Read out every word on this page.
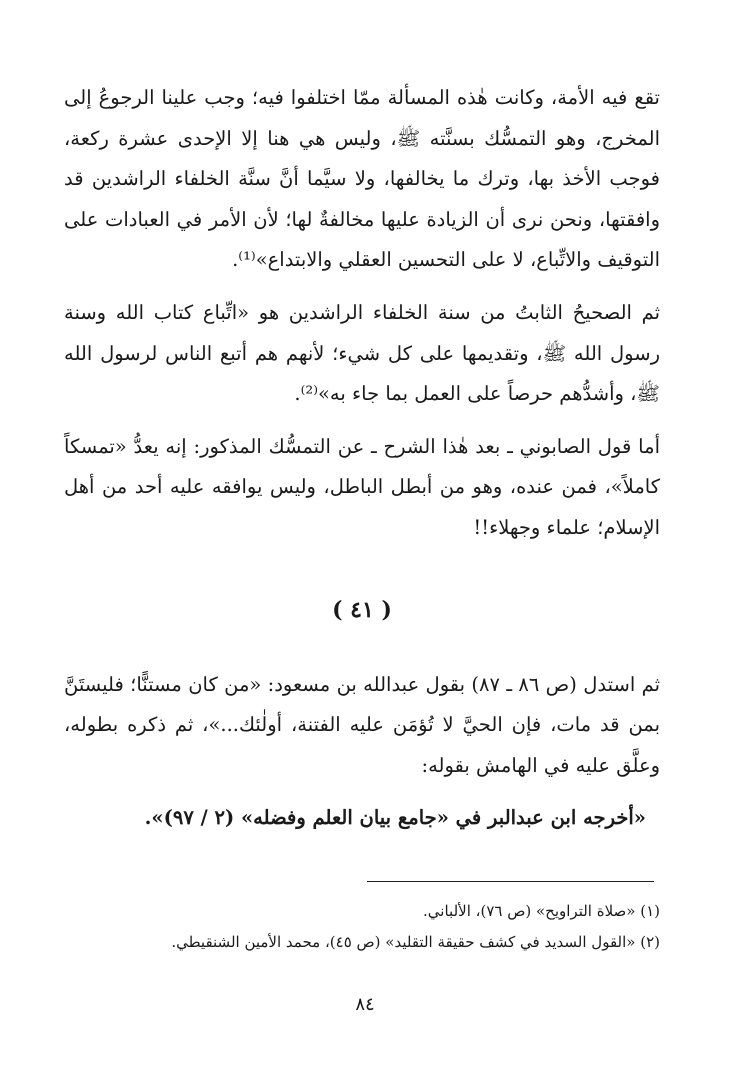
تقع فيه الأمة، وكانت هٰذه المسألة ممّا اختلفوا فيه؛ وجب علينا الرجوعُ إلى المخرج، وهو التمسُّك بسنَّته ﷺ، وليس هي هنا إلا الإحدى عشرة ركعة، فوجب الأخذ بها، وترك ما يخالفها، ولا سيَّما أنَّ سنَّة الخلفاء الراشدين قد وافقتها، ونحن نرى أن الزيادة عليها مخالفةٌ لها؛ لأن الأمر في العبادات على التوقيف والاتِّباع، لا على التحسين العقلي والابتداع»⁽¹⁾.

ثم الصحيحُ الثابتُ من سنة الخلفاء الراشدين هو «اتِّباع كتاب الله وسنة رسول الله ﷺ، وتقديمها على كل شيء؛ لأنهم هم أتبع الناس لرسول الله ﷺ، وأشدُّهم حرصاً على العمل بما جاء به»⁽²⁾.

أما قول الصابوني ـ بعد هٰذا الشرح ـ عن التمسُّك المذكور: إنه يعدُّ «تمسكاً كاملاً»، فمن عنده، وهو من أبطل الباطل، وليس يوافقه عليه أحد من أهل الإسلام؛ علماء وجهلاء!!

( ٤١ )

ثم استدل (ص ٨٦ ـ ٨٧) بقول عبدالله بن مسعود: «من كان مستنًّا؛ فليستَنَّ بمن قد مات، فإن الحيَّ لا تُؤمَن عليه الفتنة، أولٰئك...»، ثم ذكره بطوله، وعلَّق عليه في الهامش بقوله:

«أخرجه ابن عبدالبر في «جامع بيان العلم وفضله» (٢ / ٩٧)».

(١) «صلاة التراويح» (ص ٧٦)، الألباني.

(٢) «القول السديد في كشف حقيقة التقليد» (ص ٤٥)، محمد الأمين الشنقيطي.

٨٤
